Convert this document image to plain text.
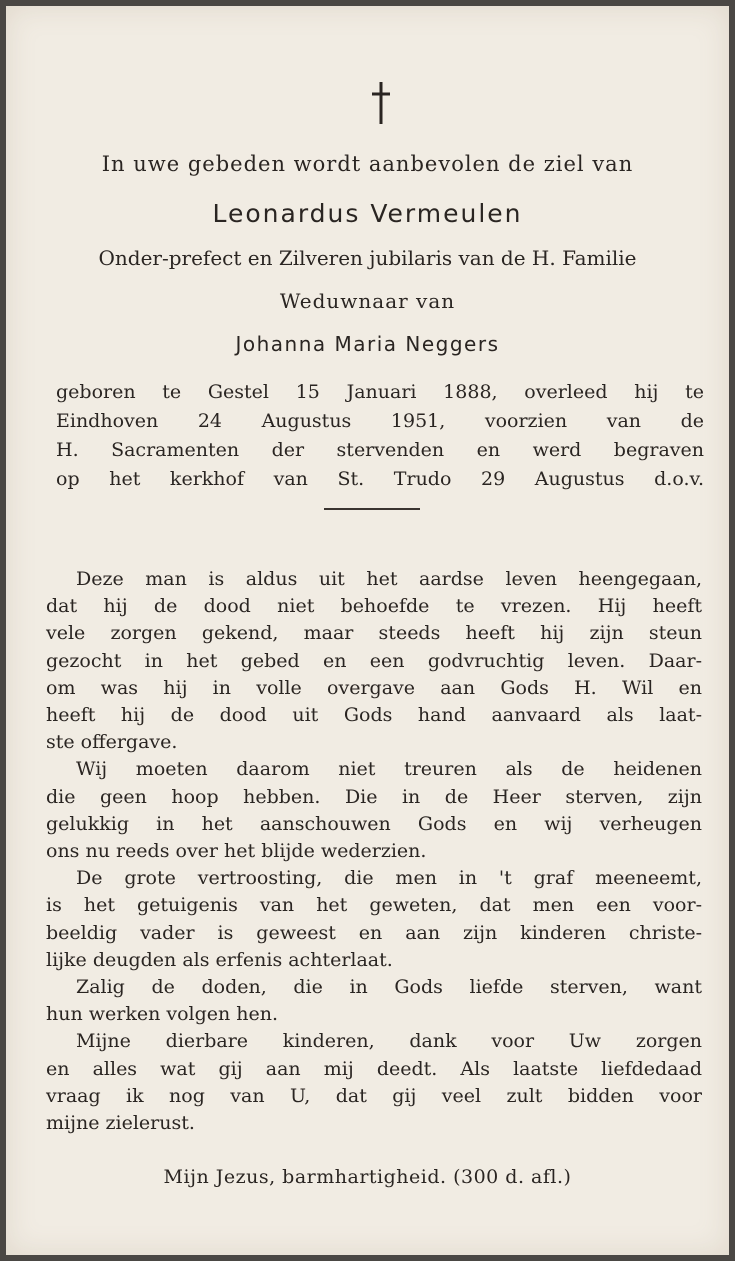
In uwe gebeden wordt aanbevolen de ziel van

Leonardus Vermeulen

Onder-prefect en Zilveren jubilaris van de H. Familie

Weduwnaar van

Johanna Maria Neggers

geboren te Gestel 15 Januari 1888, overleed hij te
Eindhoven 24 Augustus 1951, voorzien van de
H. Sacramenten der stervenden en werd begraven
op het kerkhof van St. Trudo 29 Augustus d.o.v.

Deze man is aldus uit het aardse leven heengegaan,
dat hij de dood niet behoefde te vrezen. Hij heeft
vele zorgen gekend, maar steeds heeft hij zijn steun
gezocht in het gebed en een godvruchtig leven. Daar-
om was hij in volle overgave aan Gods H. Wil en
heeft hij de dood uit Gods hand aanvaard als laat-
ste offergave.

Wij moeten daarom niet treuren als de heidenen
die geen hoop hebben. Die in de Heer sterven, zijn
gelukkig in het aanschouwen Gods en wij verheugen
ons nu reeds over het blijde wederzien.

De grote vertroosting, die men in 't graf meeneemt,
is het getuigenis van het geweten, dat men een voor-
beeldig vader is geweest en aan zijn kinderen christe-
lijke deugden als erfenis achterlaat.

Zalig de doden, die in Gods liefde sterven, want
hun werken volgen hen.

Mijne dierbare kinderen, dank voor Uw zorgen
en alles wat gij aan mij deedt. Als laatste liefdedaad
vraag ik nog van U, dat gij veel zult bidden voor
mijne zielerust.

Mijn Jezus, barmhartigheid. (300 d. afl.)
